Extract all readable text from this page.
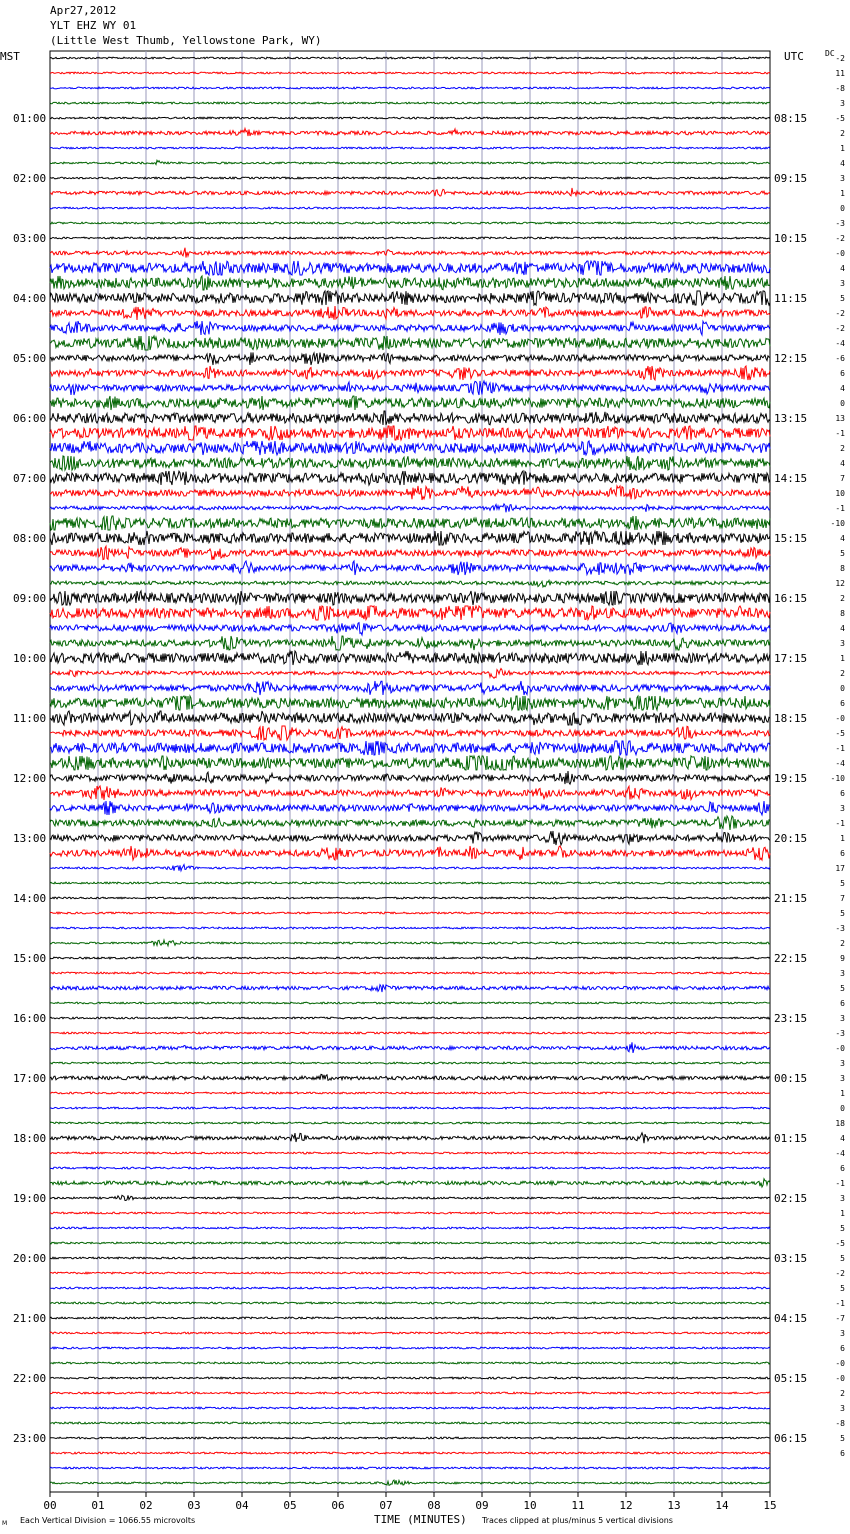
Apr27,2012
YLT EHZ WY 01
(Little West Thumb, Yellowstone Park, WY)
MST	UTC	DC
01:00
02:00
03:00
04:00
05:00
06:00
07:00
08:00
09:00
10:00
11:00
12:00
13:00
14:00
15:00
16:00
17:00
18:00
19:00
20:00
21:00
22:00
23:00
08:15
09:15
10:15
11:15
12:15
13:15
14:15
15:15
16:15
17:15
18:15
19:15
20:15
21:15
22:15
23:15
00:15
01:15
02:15
03:15
04:15
05:15
06:15
-2
11
-8
3
-5
2
1
4
3
1
0
-3
-2
-0
4
3
5
-2
-2
-4
-6
6
4
0
13
-1
2
4
7
10
-1
-10
4
5
8
12
2
8
4
3
1
2
0
6
-0
-5
-1
-4
-10
6
3
-1
1
6
17
5
7
5
-3
2
9
3
5
6
3
-3
-0
3
3
1
0
18
4
-4
6
-1
3
1
5
-5
5
-2
5
-1
-7
3
6
-0
-0
2
3
-8
5
6
00	01	02	03	04	05	06	07	08	09	10	11	12	13	14	15
TIME (MINUTES)
Each Vertical Division = 1066.55 microvolts	Traces clipped at plus/minus 5 vertical divisions
M
